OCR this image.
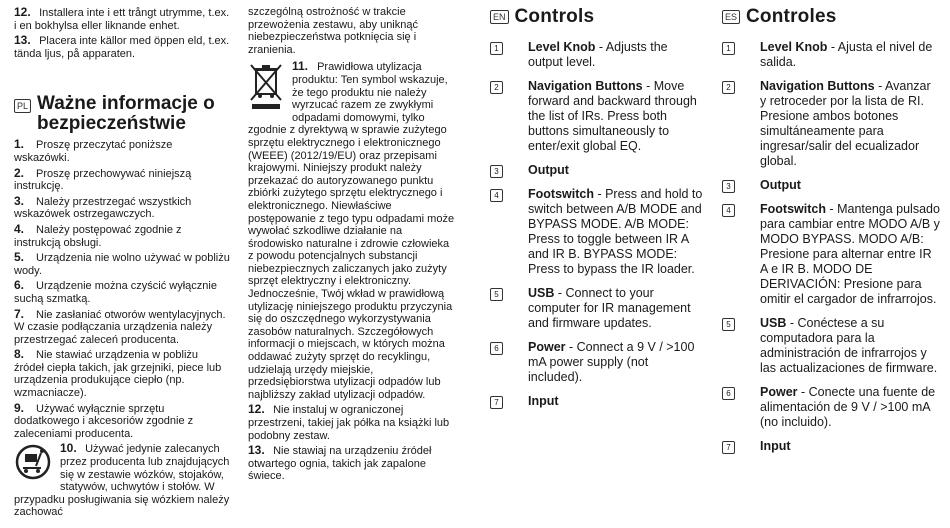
12. Installera inte i ett trångt utrymme, t.ex. i en bokhylsa eller liknande enhet.
13. Placera inte källor med öppen eld, t.ex. tända ljus, på apparaten.
PL Ważne informacje o bezpieczeństwie
1. Proszę przeczytać poniższe wskazówki.
2. Proszę przechowywać niniejszą instrukcję.
3. Należy przestrzegać wszystkich wskazówek ostrzegawczych.
4. Należy postępować zgodnie z instrukcją obsługi.
5. Urządzenia nie wolno używać w pobliżu wody.
6. Urządzenie można czyścić wyłącznie suchą szmatką.
7. Nie zasłaniać otworów wentylacyjnych. W czasie podłączania urządzenia należy przestrzegać zaleceń producenta.
8. Nie stawiać urządzenia w pobliżu źródeł ciepła takich, jak grzejniki, piece lub urządzenia produkujące ciepło (np. wzmacniacze).
9. Używać wyłącznie sprzętu dodatkowego i akcesoriów zgodnie z zaleceniami producenta.
10. Używać jedynie zalecanych przez producenta lub znajdujących się w zestawie wózków, stojaków, statywów, uchwytów i stołów. W przypadku posługiwania się wózkiem należy zachować
szczególną ostrożność w trakcie przewożenia zestawu, aby uniknąć niebezpieczeństwa potknięcia się i zranienia.
11. Prawidłowa utylizacja produktu: Ten symbol wskazuje, że tego produktu nie należy wyrzucać razem ze zwykłymi odpadami domowymi, tylko zgodnie z dyrektywą w sprawie zużytego sprzętu elektrycznego i elektronicznego (WEEE) (2012/19/EU) oraz przepisami krajowymi. Niniejszy produkt należy przekazać do autoryzowanego punktu zbiórki zużytego sprzętu elektrycznego i elektronicznego. Niewłaściwe postępowanie z tego typu odpadami może wywołać szkodliwe działanie na środowisko naturalne i zdrowie człowieka z powodu potencjalnych substancji niebezpiecznych zaliczanych jako zużyty sprzęt elektryczny i elektroniczny. Jednocześnie, Twój wkład w prawidłową utylizację niniejszego produktu przyczynia się do oszczędnego wykorzystywania zasobów naturalnych. Szczegółowych informacji o miejscach, w których można oddawać zużyty sprzęt do recyklingu, udzielają urzędy miejskie, przedsiębiorstwa utylizacji odpadów lub najbliższy zakład utylizacji odpadów.
12. Nie instaluj w ograniczonej przestrzeni, takiej jak półka na książki lub podobny zestaw.
13. Nie stawiaj na urządzeniu źródeł otwartego ognia, takich jak zapalone świece.
EN Controls
1	Level Knob - Adjusts the output level.
2	Navigation Buttons - Move forward and backward through the list of IRs. Press both buttons simultaneously to enter/exit global EQ.
3	Output
4	Footswitch - Press and hold to switch between A/B MODE and BYPASS MODE. A/B MODE: Press to toggle between IR A and IR B. BYPASS MODE: Press to bypass the IR loader.
5	USB - Connect to your computer for IR management and firmware updates.
6	Power - Connect a 9 V / >100 mA power supply (not included).
7	Input
ES Controles
1	Level Knob - Ajusta el nivel de salida.
2	Navigation Buttons - Avanzar y retroceder por la lista de RI. Presione ambos botones simultáneamente para ingresar/salir del ecualizador global.
3	Output
4	Footswitch - Mantenga pulsado para cambiar entre MODO A/B y MODO BYPASS. MODO A/B: Presione para alternar entre IR A e IR B. MODO DE DERIVACIÓN: Presione para omitir el cargador de infrarrojos.
5	USB - Conéctese a su computadora para la administración de infrarrojos y las actualizaciones de firmware.
6	Power - Conecte una fuente de alimentación de 9 V / >100 mA (no incluido).
7	Input
